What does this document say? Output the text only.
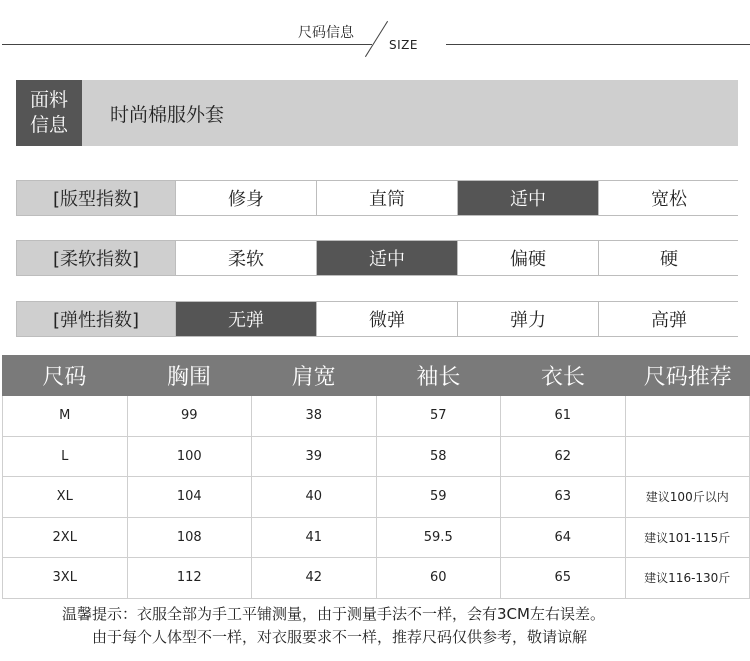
尺码信息
SIZE
面料
信息	时尚棉服外套
[版型指数]	修身	直筒	适中	宽松
[柔软指数]	柔软	适中	偏硬	硬
[弹性指数]	无弹	微弹	弹力	高弹
尺码	胸围	肩宽	袖长	衣长	尺码推荐
M	99	38	57	61
L	100	39	58	62
XL	104	40	59	63	建议100斤以内
2XL	108	41	59.5	64	建议101-115斤
3XL	112	42	60	65	建议116-130斤
温馨提示：衣服全部为手工平铺测量，由于测量手法不一样，会有3CM左右误差。
由于每个人体型不一样，对衣服要求不一样，推荐尺码仅供参考，敬请谅解
